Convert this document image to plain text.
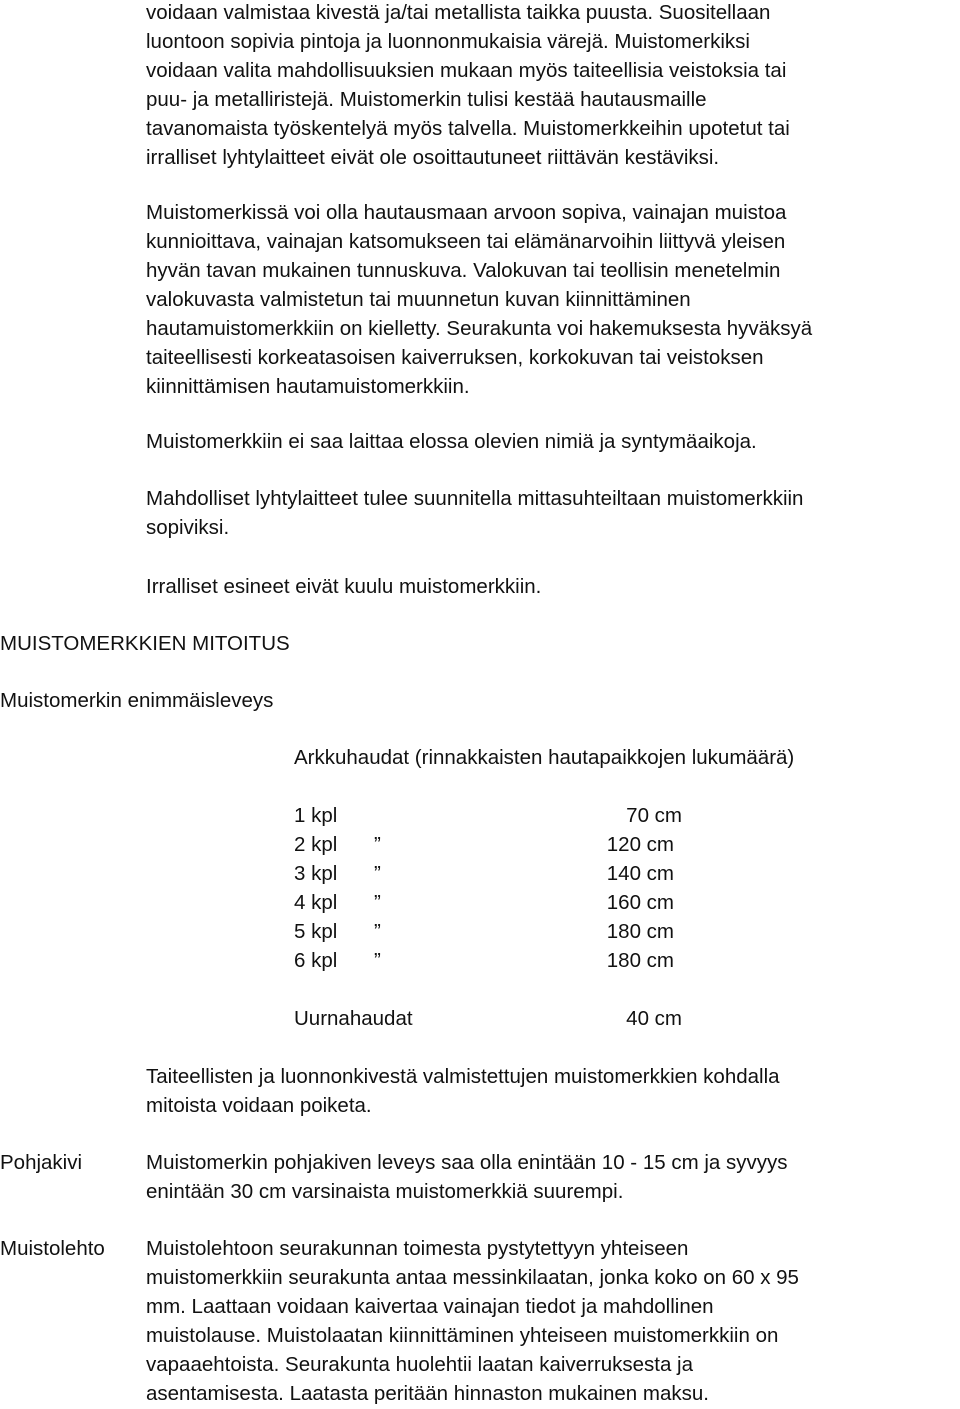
voidaan valmistaa kivestä ja/tai metallista taikka puusta. Suositellaan
luontoon sopivia pintoja ja luonnonmukaisia värejä. Muistomerkiksi
voidaan valita mahdollisuuksien mukaan myös taiteellisia veistoksia tai
puu- ja metalliristejä. Muistomerkin tulisi kestää hautausmaille
tavanomaista työskentelyä myös talvella. Muistomerkkeihin upotetut tai
irralliset lyhtylaitteet eivät ole osoittautuneet riittävän kestäviksi.
Muistomerkissä voi olla hautausmaan arvoon sopiva, vainajan muistoa
kunnioittava, vainajan katsomukseen tai elämänarvoihin liittyvä yleisen
hyvän tavan mukainen tunnuskuva. Valokuvan tai teollisin menetelmin
valokuvasta valmistetun tai muunnetun kuvan kiinnittäminen
hautamuistomerkkiin on kielletty. Seurakunta voi hakemuksesta hyväksyä
taiteellisesti korkeatasoisen kaiverruksen, korkokuvan tai veistoksen
kiinnittämisen hautamuistomerkkiin.
Muistomerkkiin ei saa laittaa elossa olevien nimiä ja syntymäaikoja.
Mahdolliset lyhtylaitteet tulee suunnitella mittasuhteiltaan muistomerkkiin
sopiviksi.
Irralliset esineet eivät kuulu muistomerkkiin.
MUISTOMERKKIEN MITOITUS
Muistomerkin enimmäisleveys
Arkkuhaudat (rinnakkaisten hautapaikkojen lukumäärä)
1 kpl	70 cm
2 kpl ”	120 cm
3 kpl ”	140 cm
4 kpl ”	160 cm
5 kpl ”	180 cm
6 kpl ”	180 cm
Uurnahaudat	40 cm
Taiteellisten ja luonnonkivestä valmistettujen muistomerkkien kohdalla
mitoista voidaan poiketa.
Pohjakivi	Muistomerkin pohjakiven leveys saa olla enintään 10 - 15 cm ja syvyys
enintään 30 cm varsinaista muistomerkkiä suurempi.
Muistolehto Muistolehtoon seurakunnan toimesta pystytettyyn yhteiseen
muistomerkkiin seurakunta antaa messinkilaatan, jonka koko on 60 x 95
mm. Laattaan voidaan kaivertaa vainajan tiedot ja mahdollinen
muistolause. Muistolaatan kiinnittäminen yhteiseen muistomerkkiin on
vapaaehtoista. Seurakunta huolehtii laatan kaiverruksesta ja
asentamisesta. Laatasta peritään hinnaston mukainen maksu.
